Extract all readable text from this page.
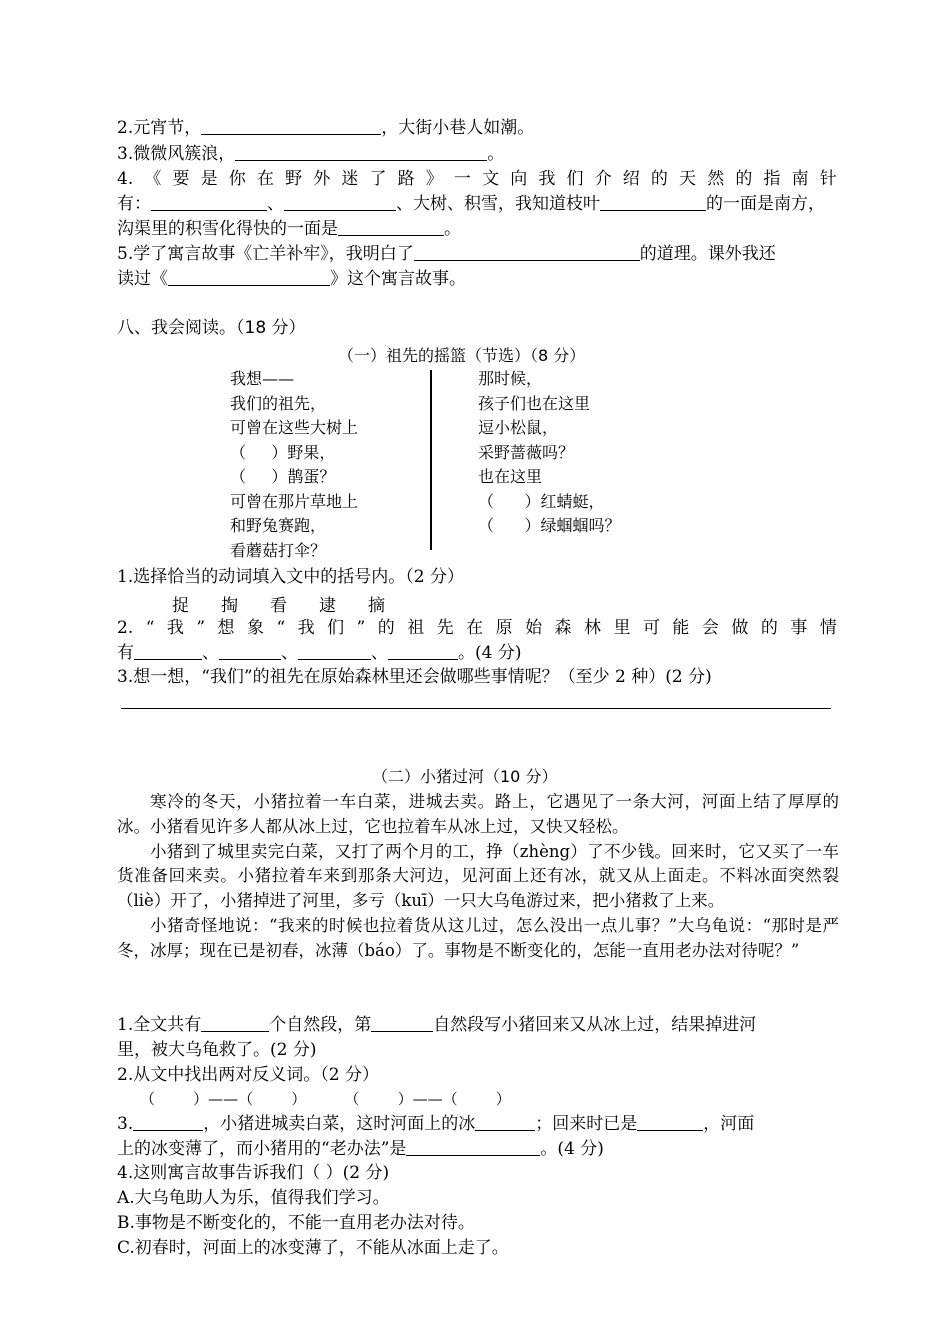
2.元宵节，	，大街小巷人如潮。
3.微微风簇浪，	。
4. 《 要 是 你 在 野 外 迷 了 路 》 一 文 向 我 们 介 绍 的 天 然 的 指 南 针
有：	、	、大树、积雪，我知道枝叶	的一面是南方，
沟渠里的积雪化得快的一面是	。
5.学了寓言故事《亡羊补牢》，我明白了	的道理。课外我还
读过《	》这个寓言故事。
八、我会阅读。（18 分）
（一）祖先的摇篮（节选）（8 分）
我想——
我们的祖先，
可曾在这些大树上
（     ）野果，
（     ）鹊蛋？
可曾在那片草地上
和野兔赛跑，
看蘑菇打伞？
那时候，
孩子们也在这里
逗小松鼠，
采野蔷薇吗？
也在这里
（      ）红蜻蜓，
（      ）绿蝈蝈吗？
1.选择恰当的动词填入文中的括号内。（2 分）
捉 掏 看 逮 摘
2. “ 我 ” 想 象 “ 我 们 ” 的 祖 先 在 原 始 森 林 里 可 能 会 做 的 事 情
有	、	、	、	。(4 分)
3.想一想，“我们”的祖先在原始森林里还会做哪些事情呢？（至少 2 种）(2 分)
（二）小猪过河（10 分）

寒冷的冬天，小猪拉着一车白菜，进城去卖。路上，它遇见了一条大河，河面上结了厚厚的冰。小猪看见许多人都从冰上过，它也拉着车从冰上过，又快又轻松。

小猪到了城里卖完白菜，又打了两个月的工，挣（zhèng）了不少钱。回来时，它又买了一车货准备回来卖。小猪拉着车来到那条大河边，见河面上还有冰，就又从上面走。不料冰面突然裂（liè）开了，小猪掉进了河里，多亏（kuī）一只大乌龟游过来，把小猪救了上来。

小猪奇怪地说：“我来的时候也拉着货从这儿过，怎么没出一点儿事？”大乌龟说：“那时是严冬，冰厚；现在已是初春，冰薄（báo）了。事物是不断变化的，怎能一直用老办法对待呢？”

1.全文共有	个自然段，第	自然段写小猪回来又从冰上过，结果掉进河
里，被大乌龟救了。(2 分)
2.从文中找出两对反义词。（2 分）
（        ）——（        ）        （        ）——（        ）
3.	，小猪进城卖白菜，这时河面上的冰	；回来时已是	，河面
上的冰变薄了，而小猪用的“老办法”是	。(4 分)
4.这则寓言故事告诉我们（ ）(2 分)
A.大乌龟助人为乐，值得我们学习。
B.事物是不断变化的，不能一直用老办法对待。
C.初春时，河面上的冰变薄了，不能从冰面上走了。
